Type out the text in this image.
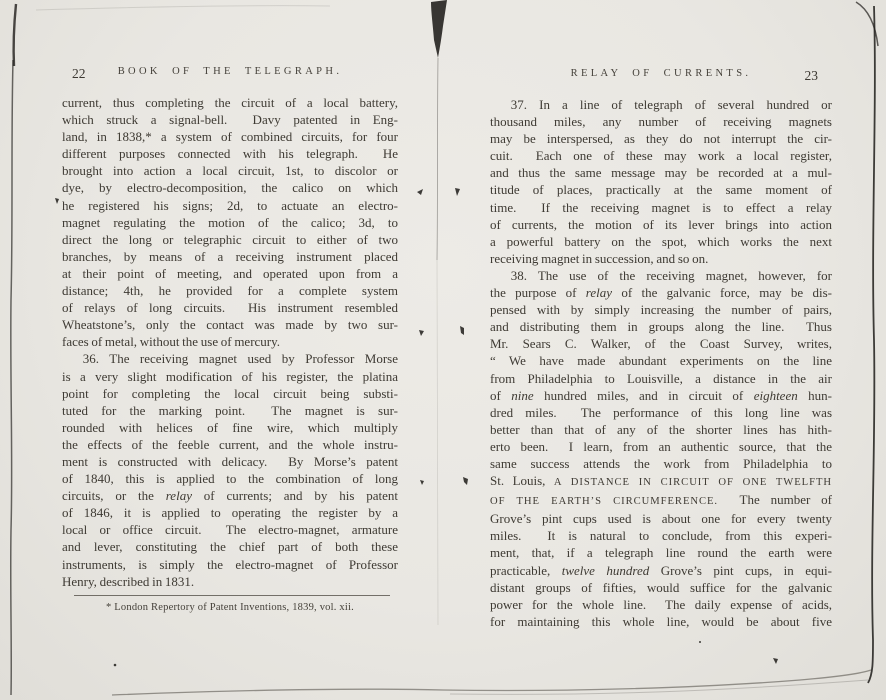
22	BOOK OF THE TELEGRAPH.
current, thus completing the circuit of a local battery,
which struck a signal-bell.  Davy patented in Eng-
land, in 1838,* a system of combined circuits, for four
different purposes connected with his telegraph.  He
brought into action a local circuit, 1st, to discolor or
dye, by electro-decomposition, the calico on which
he registered his signs; 2d, to actuate an electro-
magnet regulating the motion of the calico; 3d, to
direct the long or telegraphic circuit to either of two
branches, by means of a receiving instrument placed
at their point of meeting, and operated upon from a
distance; 4th, he provided for a complete system
of relays of long circuits.  His instrument resembled
Wheatstone’s, only the contact was made by two sur-
faces of metal, without the use of mercury.
36. The receiving magnet used by Professor Morse
is a very slight modification of his register, the platina
point for completing the local circuit being substi-
tuted for the marking point.  The magnet is sur-
rounded with helices of fine wire, which multiply
the effects of the feeble current, and the whole instru-
ment is constructed with delicacy.  By Morse’s patent
of 1840, this is applied to the combination of long
circuits, or the relay of currents; and by his patent
of 1846, it is applied to operating the register by a
local or office circuit.  The electro-magnet, armature
and lever, constituting the chief part of both these
instruments, is simply the electro-magnet of Professor
Henry, described in 1831.
* London Repertory of Patent Inventions, 1839, vol. xii.
RELAY OF CURRENTS.	23
37. In a line of telegraph of several hundred or
thousand miles, any number of receiving magnets
may be interspersed, as they do not interrupt the cir-
cuit.  Each one of these may work a local register,
and thus the same message may be recorded at a mul-
titude of places, practically at the same moment of
time.  If the receiving magnet is to effect a relay
of currents, the motion of its lever brings into action
a powerful battery on the spot, which works the next
receiving magnet in succession, and so on.
38. The use of the receiving magnet, however, for
the purpose of relay of the galvanic force, may be dis-
pensed with by simply increasing the number of pairs,
and distributing them in groups along the line.  Thus
Mr. Sears C. Walker, of the Coast Survey, writes,
“ We have made abundant experiments on the line
from Philadelphia to Louisville, a distance in the air
of nine hundred miles, and in circuit of eighteen hun-
dred miles.  The performance of this long line was
better than that of any of the shorter lines has hith-
erto been.  I learn, from an authentic source, that the
same success attends the work from Philadelphia to
St. Louis, A DISTANCE IN CIRCUIT OF ONE TWELFTH
OF THE EARTH’S CIRCUMFERENCE.  The number of
Grove’s pint cups used is about one for every twenty
miles.  It is natural to conclude, from this experi-
ment, that, if a telegraph line round the earth were
practicable, twelve hundred Grove’s pint cups, in equi-
distant groups of fifties, would suffice for the galvanic
power for the whole line.  The daily expense of acids,
for maintaining this whole line, would be about five
